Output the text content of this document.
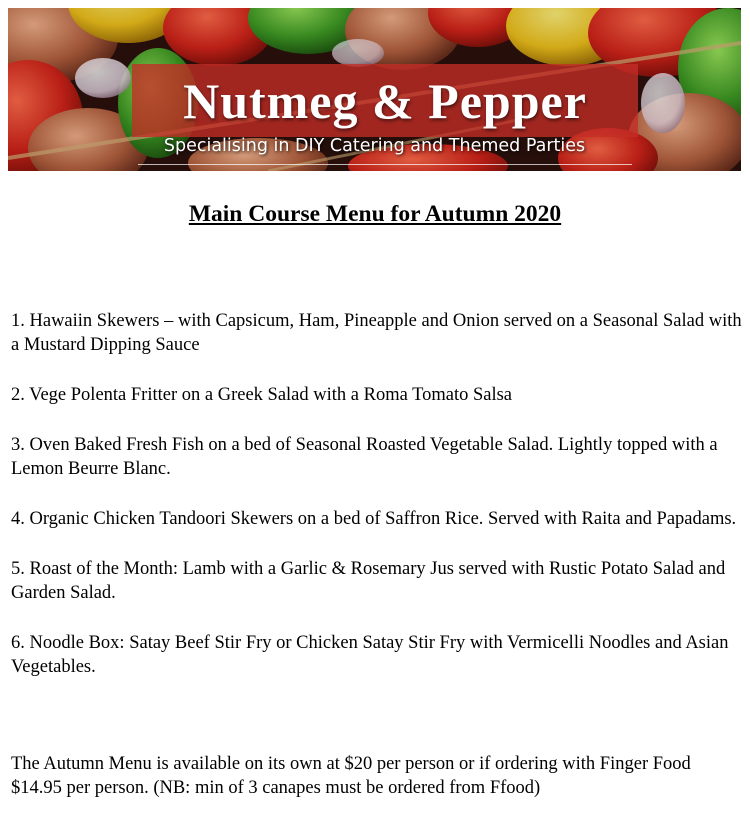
Nutmeg & Pepper
Specialising in DIY Catering and Themed Parties
Main Course Menu for Autumn 2020
1. Hawaiin Skewers – with Capsicum, Ham, Pineapple and Onion served on a Seasonal Salad with a Mustard Dipping Sauce
2. Vege Polenta Fritter on a Greek Salad with a Roma Tomato Salsa
3. Oven Baked Fresh Fish on a bed of Seasonal Roasted Vegetable Salad. Lightly topped with a Lemon Beurre Blanc.
4. Organic Chicken Tandoori Skewers on a bed of Saffron Rice. Served with Raita and Papadams.
5. Roast of the Month: Lamb with a Garlic & Rosemary Jus served with Rustic Potato Salad and Garden Salad.
6. Noodle Box: Satay Beef Stir Fry or Chicken Satay Stir Fry with Vermicelli Noodles and Asian Vegetables.

The Autumn Menu is available on its own at $20 per person or if ordering with Finger Food $14.95 per person. (NB: min of 3 canapes must be ordered from Ffood)
